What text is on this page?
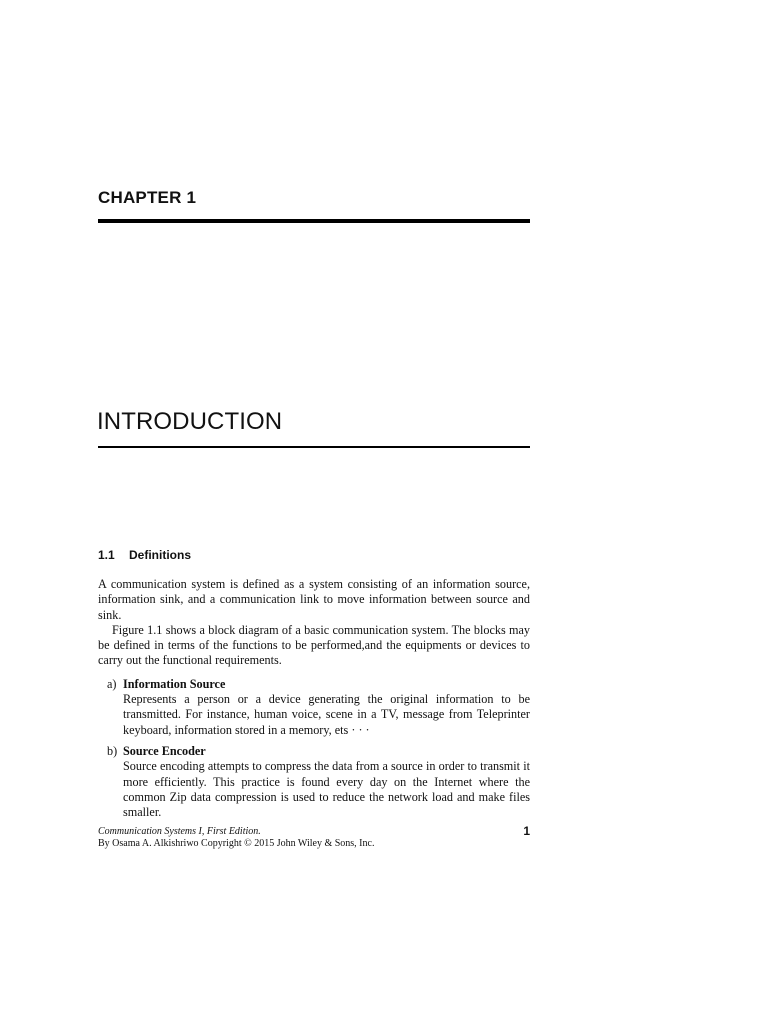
CHAPTER 1
INTRODUCTION
1.1 Definitions

A communication system is defined as a system consisting of an information source, information sink, and a communication link to move information between source and sink.

Figure 1.1 shows a block diagram of a basic communication system. The blocks may be defined in terms of the functions to be performed,and the equipments or devices to carry out the functional requirements.

a) Information Source
Represents a person or a device generating the original information to be transmitted. For instance, human voice, scene in a TV, message from Teleprinter keyboard, information stored in a memory, ets · · ·
b) Source Encoder
Source encoding attempts to compress the data from a source in order to transmit it more efficiently. This practice is found every day on the Internet where the common Zip data compression is used to reduce the network load and make files smaller.
Communication Systems I, First Edition.	1
By Osama A. Alkishriwo Copyright © 2015 John Wiley & Sons, Inc.
